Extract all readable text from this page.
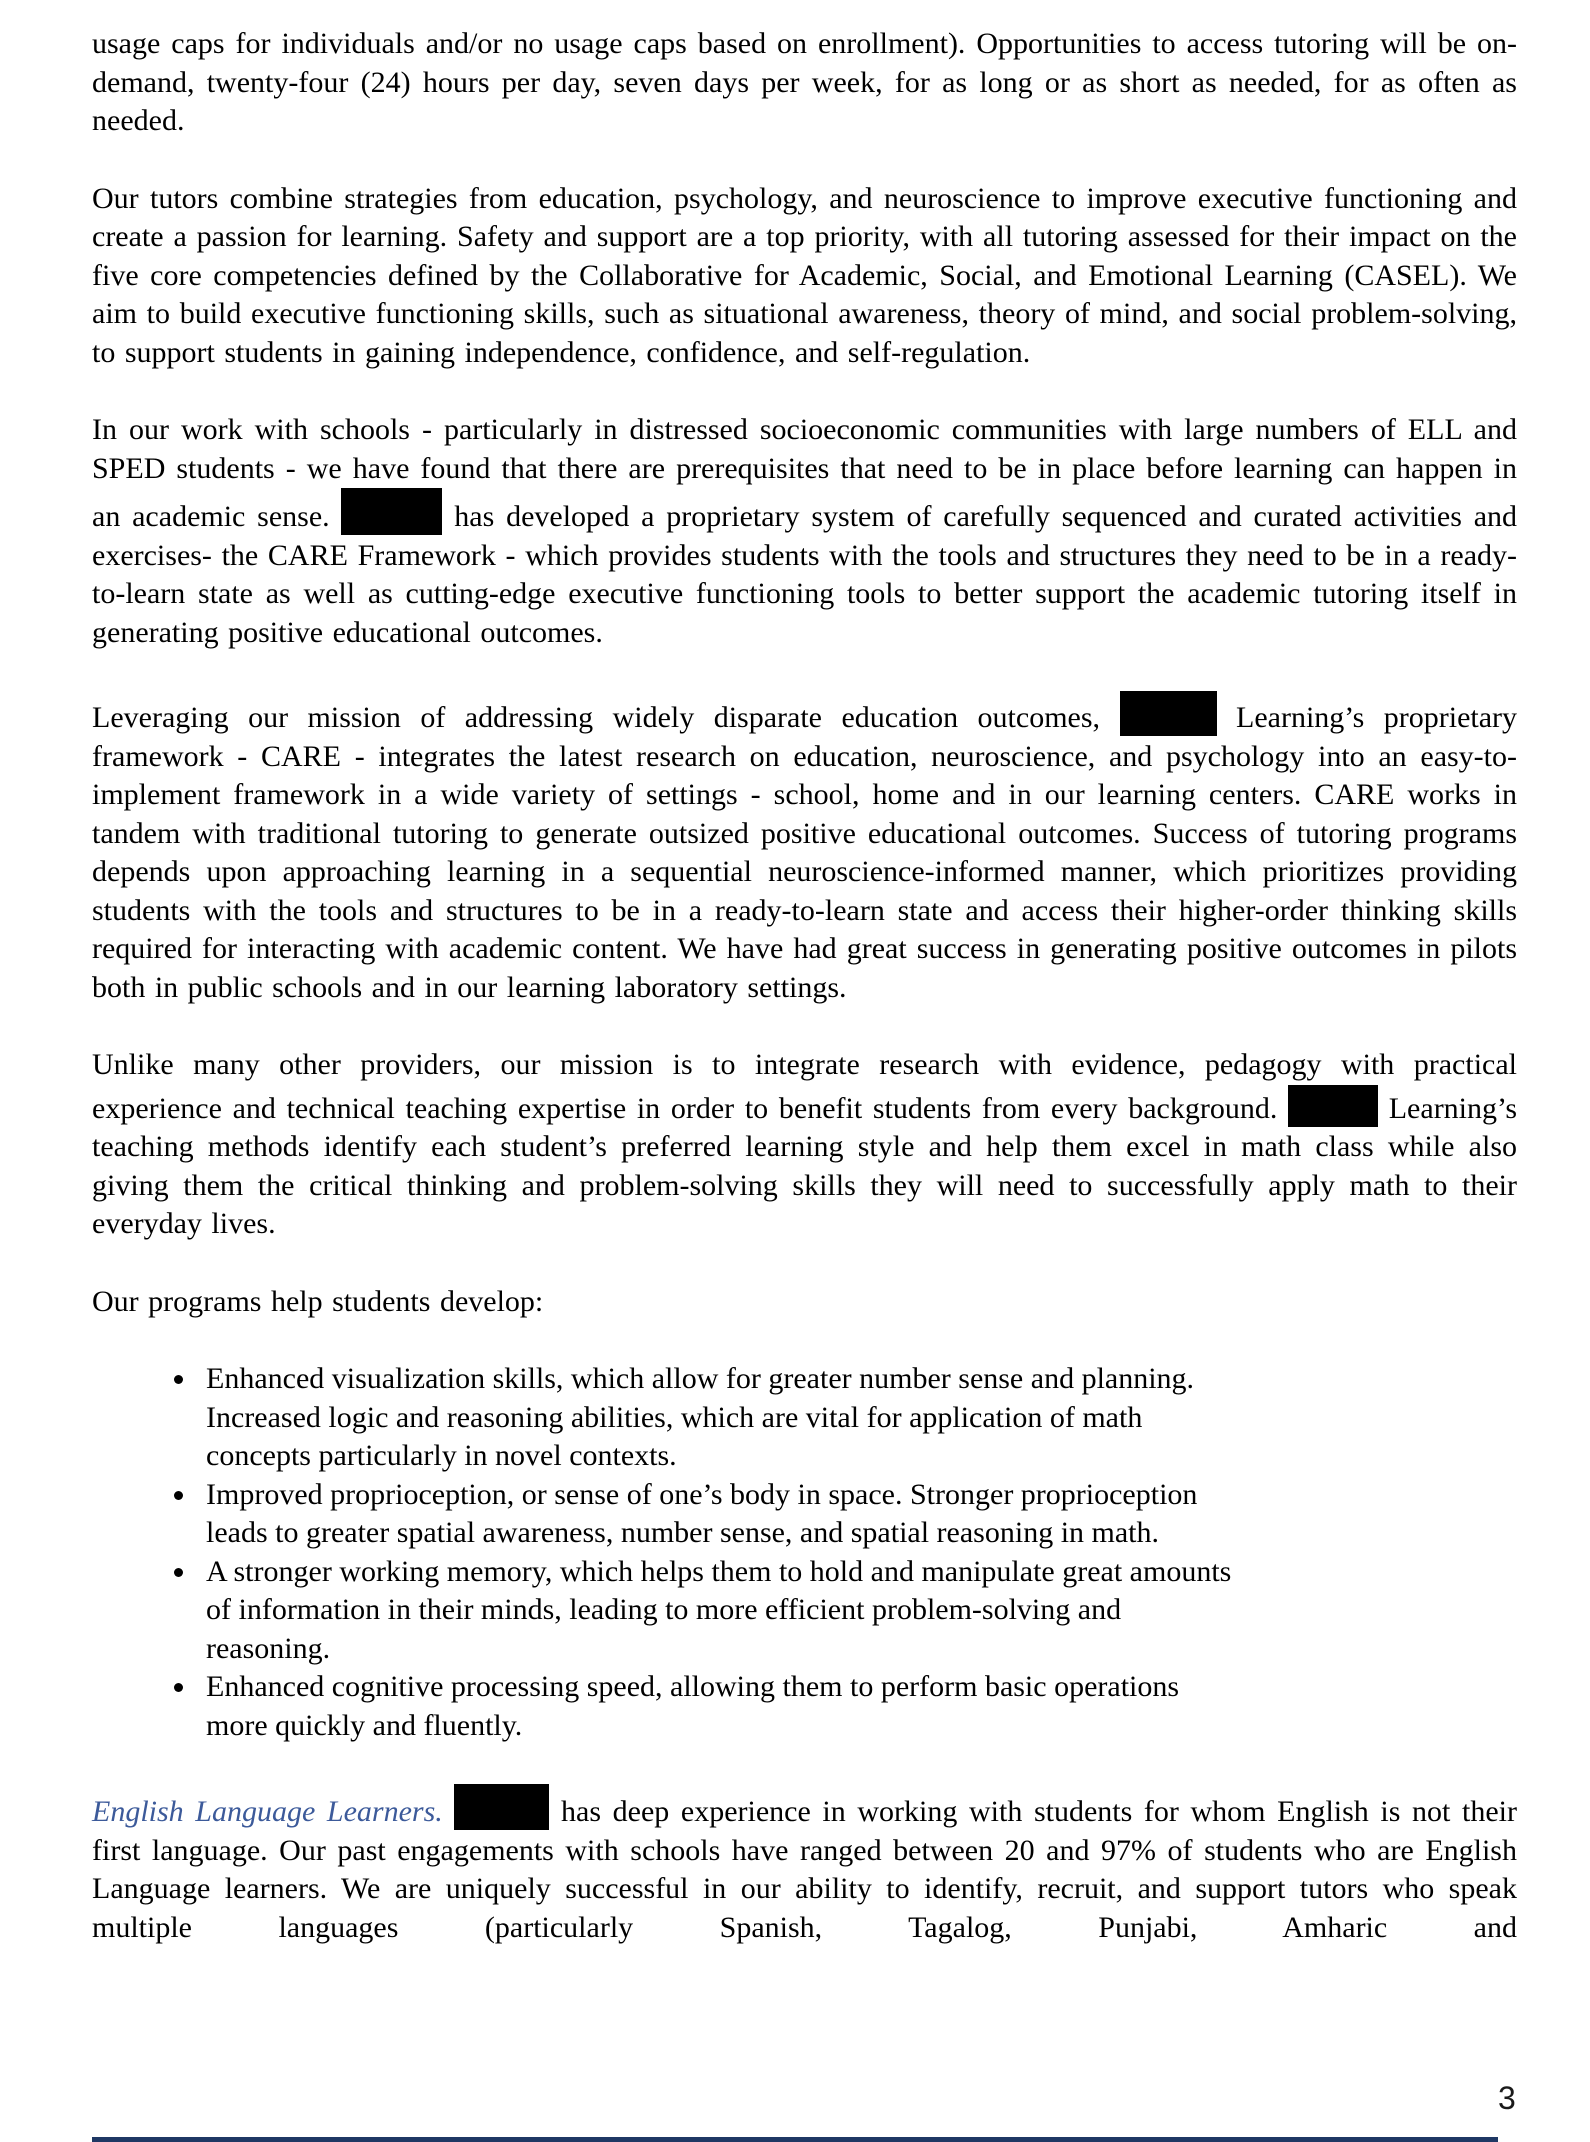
usage caps for individuals and/or no usage caps based on enrollment). Opportunities to access tutoring will be on-demand, twenty-four (24) hours per day, seven days per week, for as long or as short as needed, for as often as needed.

Our tutors combine strategies from education, psychology, and neuroscience to improve executive functioning and create a passion for learning. Safety and support are a top priority, with all tutoring assessed for their impact on the five core competencies defined by the Collaborative for Academic, Social, and Emotional Learning (CASEL). We aim to build executive functioning skills, such as situational awareness, theory of mind, and social problem-solving, to support students in gaining independence, confidence, and self-regulation.

In our work with schools - particularly in distressed socioeconomic communities with large numbers of ELL and SPED students - we have found that there are prerequisites that need to be in place before learning can happen in an academic sense.	has developed a proprietary system of carefully sequenced and curated activities and exercises- the CARE Framework - which provides students with the tools and structures they need to be in a ready-to-learn state as well as cutting-edge executive functioning tools to better support the academic tutoring itself in generating positive educational outcomes.

Leveraging our mission of addressing widely disparate education outcomes,	Learning’s proprietary framework - CARE - integrates the latest research on education, neuroscience, and psychology into an easy-to-implement framework in a wide variety of settings - school, home and in our learning centers. CARE works in tandem with traditional tutoring to generate outsized positive educational outcomes. Success of tutoring programs depends upon approaching learning in a sequential neuroscience-informed manner, which prioritizes providing students with the tools and structures to be in a ready-to-learn state and access their higher-order thinking skills required for interacting with academic content. We have had great success in generating positive outcomes in pilots both in public schools and in our learning laboratory settings.

Unlike many other providers, our mission is to integrate research with evidence, pedagogy with practical experience and technical teaching expertise in order to benefit students from every background.	Learning’s teaching methods identify each student’s preferred learning style and help them excel in math class while also giving them the critical thinking and problem-solving skills they will need to successfully apply math to their everyday lives.

Our programs help students develop:

• Enhanced visualization skills, which allow for greater number sense and planning. Increased logic and reasoning abilities, which are vital for application of math concepts particularly in novel contexts.
• Improved proprioception, or sense of one’s body in space. Stronger proprioception leads to greater spatial awareness, number sense, and spatial reasoning in math.
• A stronger working memory, which helps them to hold and manipulate great amounts of information in their minds, leading to more efficient problem-solving and reasoning.
• Enhanced cognitive processing speed, allowing them to perform basic operations more quickly and fluently.

English Language Learners.	has deep experience in working with students for whom English is not their first language. Our past engagements with schools have ranged between 20 and 97% of students who are English Language learners. We are uniquely successful in our ability to identify, recruit, and support tutors who speak multiple languages (particularly Spanish, Tagalog, Punjabi, Amharic and

3
